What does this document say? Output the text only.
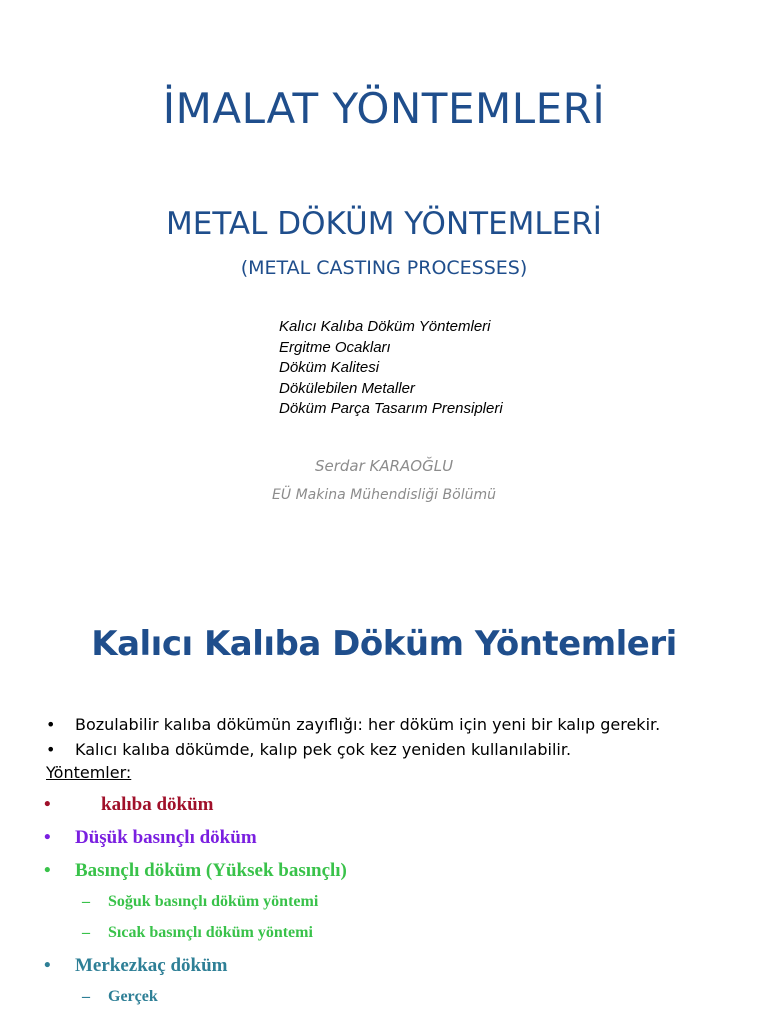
İMALAT YÖNTEMLERİ
METAL DÖKÜM YÖNTEMLERİ
(METAL CASTING PROCESSES)
Kalıcı Kalıba Döküm Yöntemleri
Ergitme Ocakları
Döküm Kalitesi
Dökülebilen Metaller
Döküm Parça Tasarım Prensipleri
Serdar KARAOĞLU
EÜ Makina Mühendisliği Bölümü
Kalıcı Kalıba Döküm Yöntemleri
• Bozulabilir kalıba dökümün zayıflığı: her döküm için yeni bir kalıp gerekir.
• Kalıcı kalıba dökümde, kalıp pek çok kez yeniden kullanılabilir.
Yöntemler:
•	kalıba döküm
• Düşük basınçlı döküm
• Basınçlı döküm (Yüksek basınçlı)
– Soğuk basınçlı döküm yöntemi
– Sıcak basınçlı döküm yöntemi
• Merkezkaç döküm
– Gerçek
